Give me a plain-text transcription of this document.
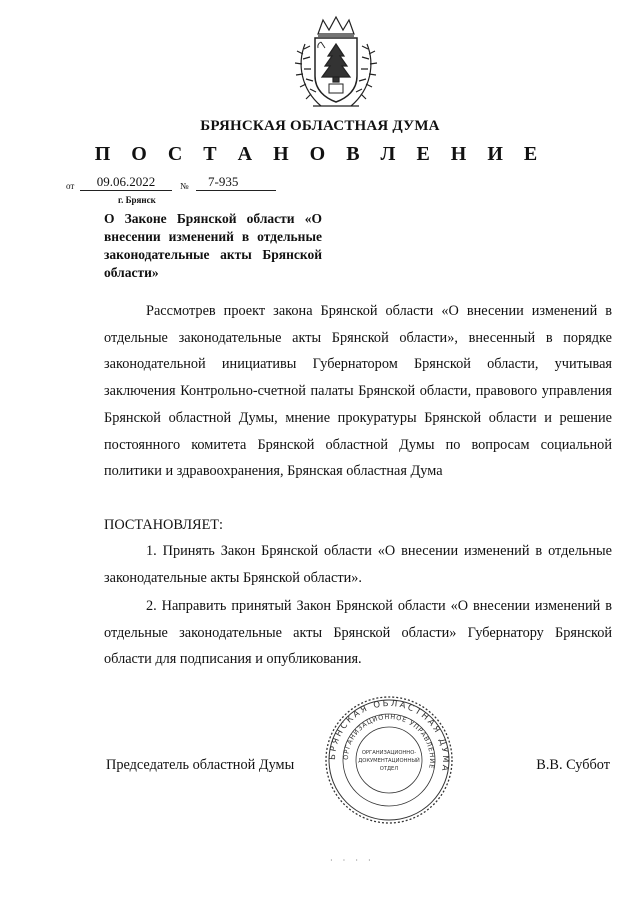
БРЯНСКАЯ ОБЛАСТНАЯ ДУМА
П О С Т А Н О В Л Е Н И Е
от	09.06.2022	№	7-935
г. Брянск
О Законе Брянской области «О внесении изменений в отдельные законодательные акты Брянской области»
Рассмотрев проект закона Брянской области «О внесении изменений в отдельные законодательные акты Брянской области», внесенный в порядке законодательной инициативы Губернатором Брянской области, учитывая заключения Контрольно-счетной палаты Брянской области, правового управления Брянской областной Думы, мнение прокуратуры Брянской области и решение постоянного комитета Брянской областной Думы по вопросам социальной политики и здравоохранения, Брянская областная Дума
ПОСТАНОВЛЯЕТ:
1. Принять Закон Брянской области «О внесении изменений в отдельные законодательные акты Брянской области».
2. Направить принятый Закон Брянской области «О внесении изменений в отдельные законодательные акты Брянской области» Губернатору Брянской области для подписания и опубликования.
БРЯНСКАЯ ОБЛАСТНАЯ ДУМА
ОРГАНИЗАЦИОННОЕ УПРАВЛЕНИЕ
ОРГАНИЗАЦИОННО-
ДОКУМЕНТАЦИОННЫЙ
ОТДЕЛ
Председатель областной Думы	В.В. Суббот
· · · ·
